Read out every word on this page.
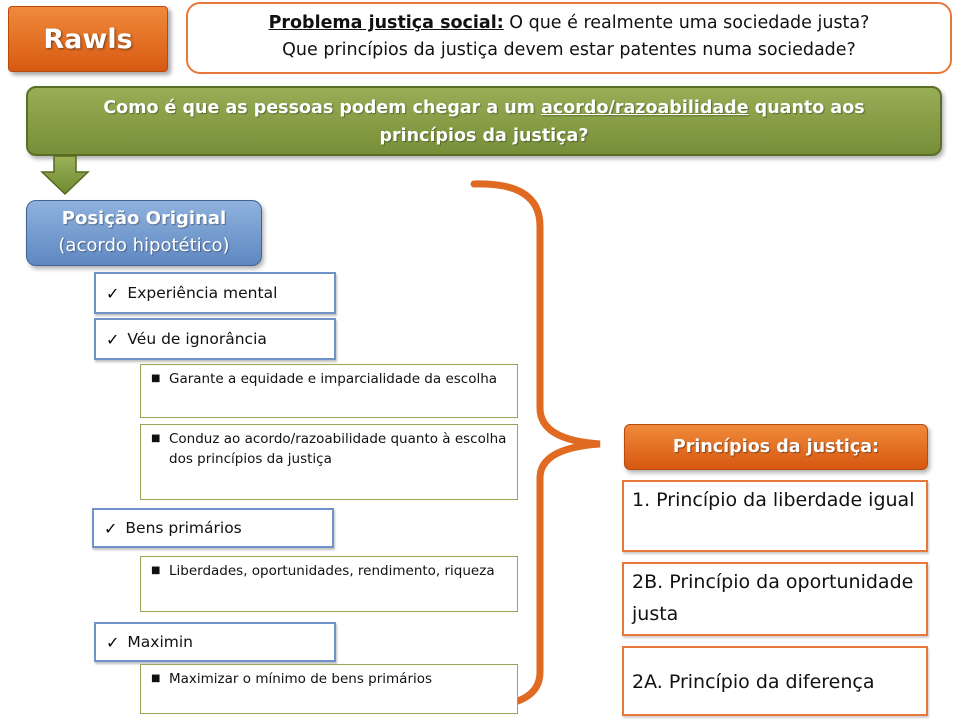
Rawls
Problema justiça social: O que é realmente uma sociedade justa?
Que princípios da justiça devem estar patentes numa sociedade?
Como é que as pessoas podem chegar a um acordo/razoabilidade quanto aos
princípios da justiça?
Posição Original
(acordo hipotético)
✓ Experiência mental
✓ Véu de ignorância
✓ Bens primários
✓ Maximin
■ Garante a equidade e imparcialidade da escolha
■ Conduz ao acordo/razoabilidade quanto à escolha dos princípios da justiça
■ Liberdades, oportunidades, rendimento, riqueza
■ Maximizar o mínimo de bens primários
Princípios da justiça:
1. Princípio da liberdade igual
2B. Princípio da oportunidade justa
2A. Princípio da diferença
